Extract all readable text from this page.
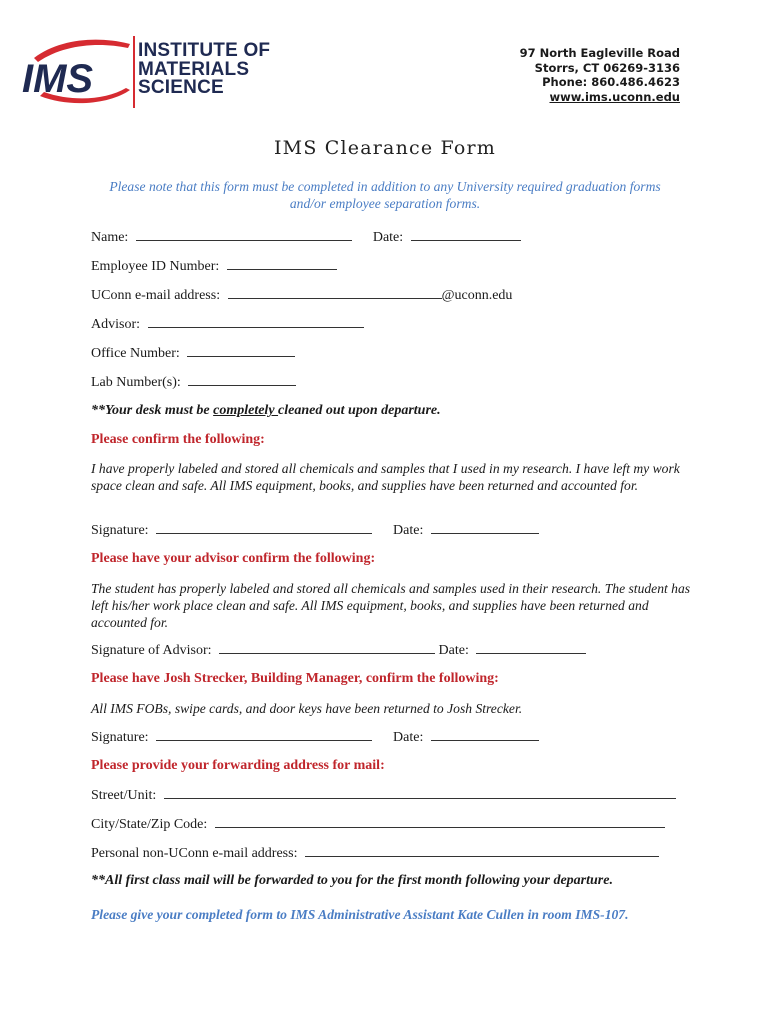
IMS
INSTITUTE OF
MATERIALS
SCIENCE
97 North Eagleville Road
Storrs, CT 06269-3136
Phone: 860.486.4623
www.ims.uconn.edu
IMS Clearance Form
Please note that this form must be completed in addition to any University required graduation forms and/or employee separation forms.
Name:	Date:
Employee ID Number:
UConn e-mail address:	@uconn.edu
Advisor:
Office Number:
Lab Number(s):
**Your desk must be completely cleaned out upon departure.
Please confirm the following:
I have properly labeled and stored all chemicals and samples that I used in my research. I have left my work space clean and safe. All IMS equipment, books, and supplies have been returned and accounted for.
Signature:	Date:
Please have your advisor confirm the following:
The student has properly labeled and stored all chemicals and samples used in their research. The student has left his/her work place clean and safe. All IMS equipment, books, and supplies have been returned and accounted for.
Signature of Advisor:	Date:
Please have Josh Strecker, Building Manager, confirm the following:
All IMS FOBs, swipe cards, and door keys have been returned to Josh Strecker.
Signature:	Date:
Please provide your forwarding address for mail:
Street/Unit:
City/State/Zip Code:
Personal non-UConn e-mail address:
**All first class mail will be forwarded to you for the first month following your departure.
Please give your completed form to IMS Administrative Assistant Kate Cullen in room IMS-107.
